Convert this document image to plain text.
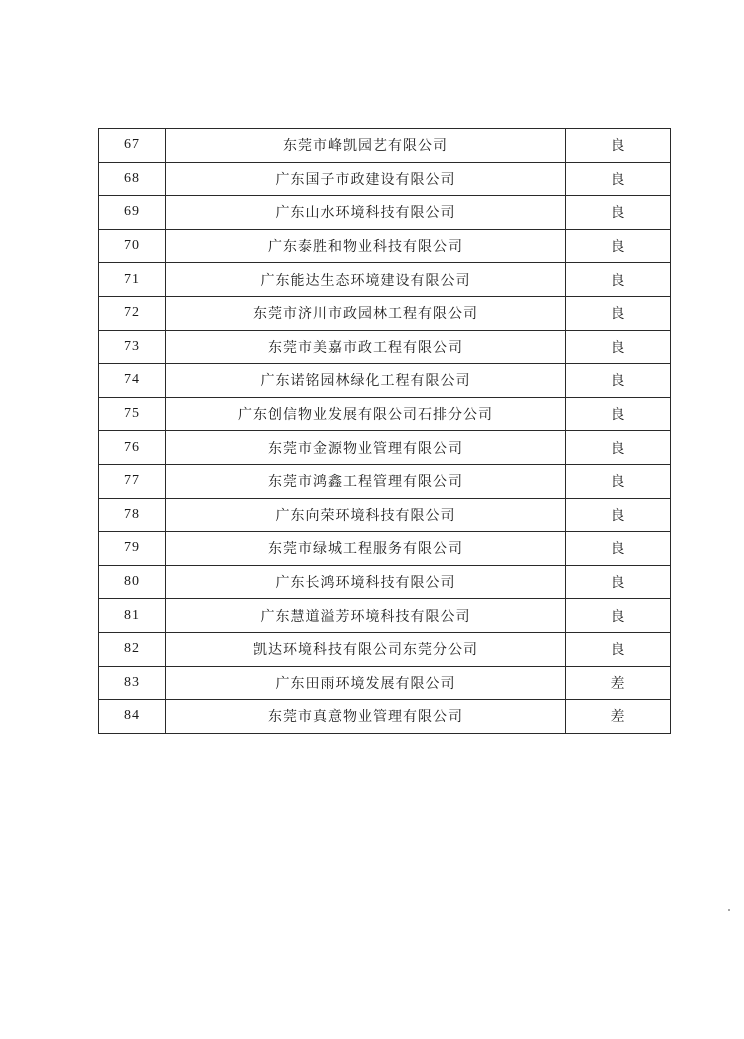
67	东莞市峰凯园艺有限公司	良
68	广东国子市政建设有限公司	良
69	广东山水环境科技有限公司	良
70	广东泰胜和物业科技有限公司	良
71	广东能达生态环境建设有限公司	良
72	东莞市济川市政园林工程有限公司	良
73	东莞市美嘉市政工程有限公司	良
74	广东诺铭园林绿化工程有限公司	良
75	广东创信物业发展有限公司石排分公司	良
76	东莞市金源物业管理有限公司	良
77	东莞市鸿鑫工程管理有限公司	良
78	广东向荣环境科技有限公司	良
79	东莞市绿城工程服务有限公司	良
80	广东长鸿环境科技有限公司	良
81	广东慧道溢芳环境科技有限公司	良
82	凯达环境科技有限公司东莞分公司	良
83	广东田雨环境发展有限公司	差
84	东莞市真意物业管理有限公司	差
